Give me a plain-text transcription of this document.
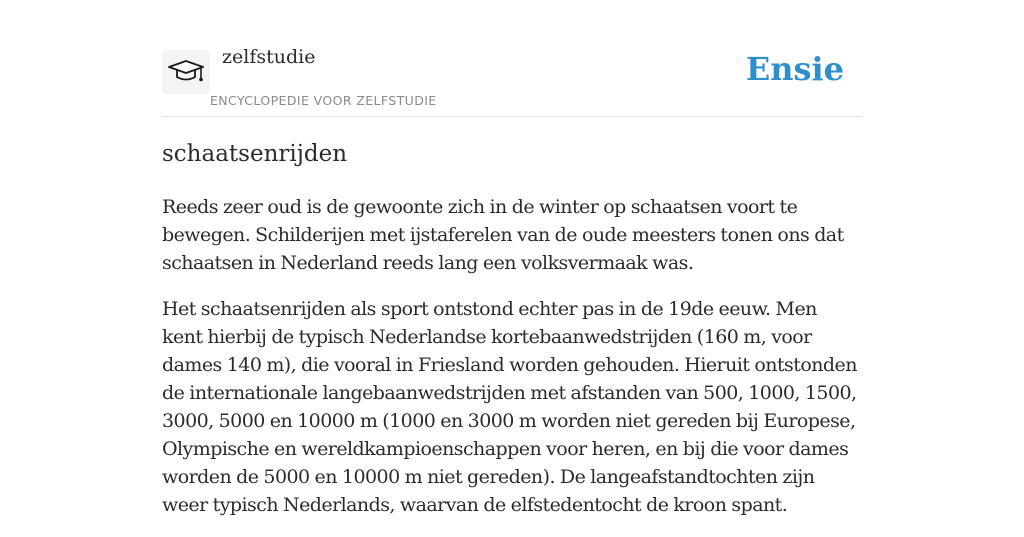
zelfstudie
ENCYCLOPEDIE VOOR ZELFSTUDIE
Ensie
schaatsenrijden

Reeds zeer oud is de gewoonte zich in de winter op schaatsen voort te bewegen. Schilderijen met ijstaferelen van de oude meesters tonen ons dat schaatsen in Nederland reeds lang een volksvermaak was.

Het schaatsenrijden als sport ontstond echter pas in de 19de eeuw. Men kent hierbij de typisch Nederlandse kortebaanwedstrijden (160 m, voor dames 140 m), die vooral in Friesland worden gehouden. Hieruit ontstonden de internationale langebaanwedstrijden met afstanden van 500, 1000, 1500, 3000, 5000 en 10000 m (1000 en 3000 m worden niet gereden bij Europese, Olympische en wereldkampioenschappen voor heren, en bij die voor dames worden de 5000 en 10000 m niet gereden). De langeafstandtochten zijn weer typisch Nederlands, waarvan de elfstedentocht de kroon spant.
